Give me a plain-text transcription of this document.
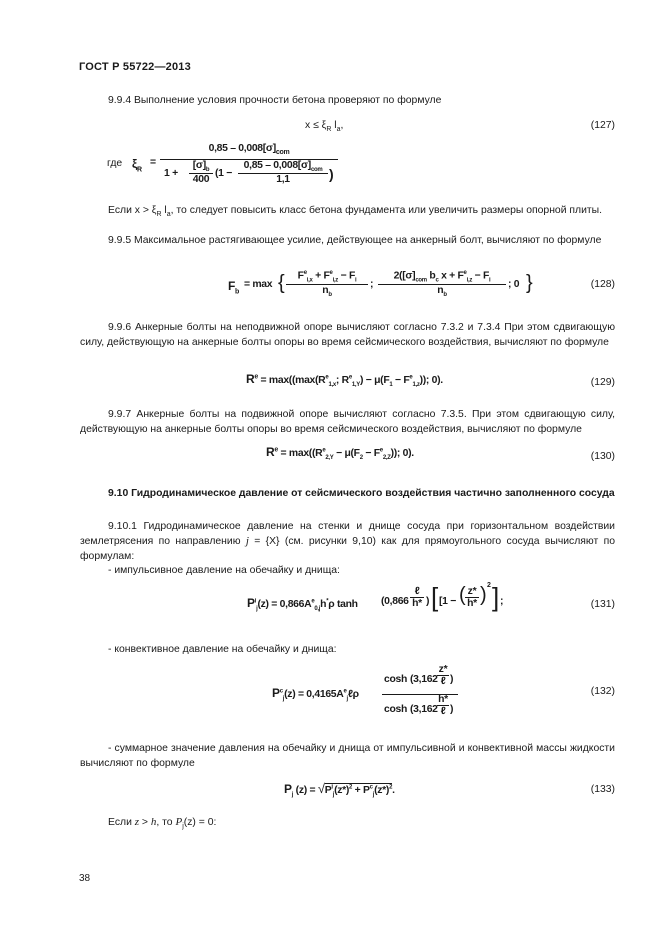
ГОСТ Р 55722—2013
9.9.4 Выполнение условия прочности бетона проверяют по формуле
$x \le \xi_R$ $l_a$,	(127)
где $\xi_R$
=
$0,85 - 0,008[\sigma]_{com}$
1 +
$[\sigma]_b$
400
(1 −
$0,85 - 0,008[\sigma]_{com}$
1,1	)
Если $x > \xi_R$ $l_a$, то следует повысить класс бетона фундамента или увеличить размеры опорной плиты.
9.9.5 Максимальное растягивающее усилие, действующее на анкерный болт, вычисляют по формуле
$F_b$
= max {	$F^e_{i,x} + F^e_{i,z} - F_i$
$n_b$
;
$2([\sigma]_{com}$ $b_c$ $x + F^e_{i,z} - F_i$
$n_b$
; 0 }	(128)
9.9.6 Анкерные болты на неподвижной опоре вычисляют согласно 7.3.2 и 7.3.4 При этом сдвигающую силу, действующую на анкерные болты опоры во время сейсмического воздействия, вычисляют по формуле
$R^e = \max((\max(R^e_{1,x}$; $R^e_{1,Y}) - \mu(F_1 - F^e_{1,z})$); 0).	(129)
9.9.7 Анкерные болты на подвижной опоре вычисляют согласно 7.3.5. При этом сдвигающую силу, действующую на анкерные болты опоры во время сейсмического воздействия, вычисляют по формуле
$R^e = \max((R^e_{2,Y} - \mu(F_2 - F^e_{2,Z}))$; 0).	(130)
9.10 Гидродинамическое давление от сейсмического воздействия частично заполненного сосуда
9.10.1 Гидродинамическое давление на стенки и днище сосуда при горизонтальном воздействии землетрясения по направлению j = {X} (см. рисунки 9,10) как для прямоугольного сосуда вычисляют по формулам:
- импульсивное давление на обечайку и днища:
$P^i_j(z) = 0,866A^e_{0,j}h^*\rho$ tanh (0,866
ℓ
h* ) [ [1 − ( z*
h* ) 2 ] ;	(131)
- конвективное давление на обечайку и днища:
$P^c_j(z)$ = $0,4165A^e_j\ell\rho$
cosh (3,162
z*
ℓ )
cosh (3,162
h*
ℓ )
(132)
- суммарное значение давления на обечайку и днища от импульсивной и конвективной массы жидкости вычисляют по формуле
$P_j$ $(z) = √P^i_j(z*)^2 + P^c_j(z*)^2$.	(133)
Если z > h, то $P_j(z) = 0$:
38
